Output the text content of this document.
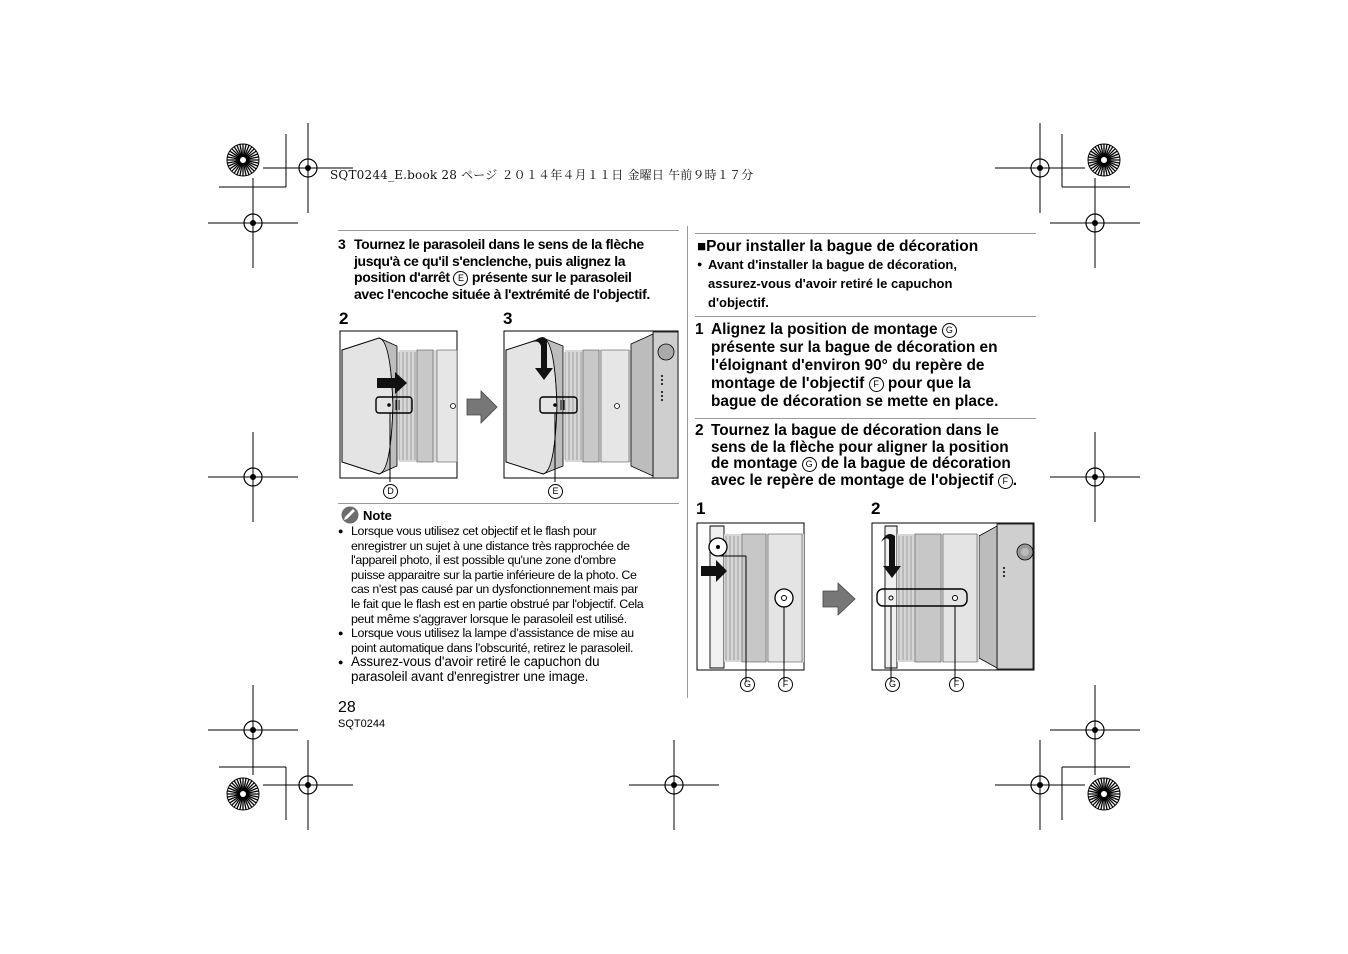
SQT0244_E.book 28 ページ ２０１４年４月１１日 金曜日 午前９時１７分
3 Tournez le parasoleil dans le sens de la flèche
jusqu'à ce qu'il s'enclenche, puis alignez la
position d'arrêt E présente sur le parasoleil
avec l'encoche située à l'extrémité de l'objectif.
2	3
D	E
Note
● Lorsque vous utilisez cet objectif et le flash pour
enregistrer un sujet à une distance très rapprochée de
l'appareil photo, il est possible qu'une zone d'ombre
puisse apparaitre sur la partie inférieure de la photo. Ce
cas n'est pas causé par un dysfonctionnement mais par
le fait que le flash est en partie obstrué par l'objectif. Cela
peut même s'aggraver lorsque le parasoleil est utilisé.
● Lorsque vous utilisez la lampe d’assistance de mise au
point automatique dans l’obscurité, retirez le parasoleil.
● Assurez-vous d'avoir retiré le capuchon du
parasoleil avant d'enregistrer une image.
28
SQT0244
■Pour installer la bague de décoration
● Avant d'installer la bague de décoration,
assurez-vous d'avoir retiré le capuchon
d'objectif.
1 Alignez la position de montage G
présente sur la bague de décoration en
l'éloignant d'environ 90° du repère de
montage de l'objectif F pour que la
bague de décoration se mette en place.
2 Tournez la bague de décoration dans le
sens de la flèche pour aligner la position
de montage G de la bague de décoration
avec le repère de montage de l'objectif F .
1	2
G	F	G	F
